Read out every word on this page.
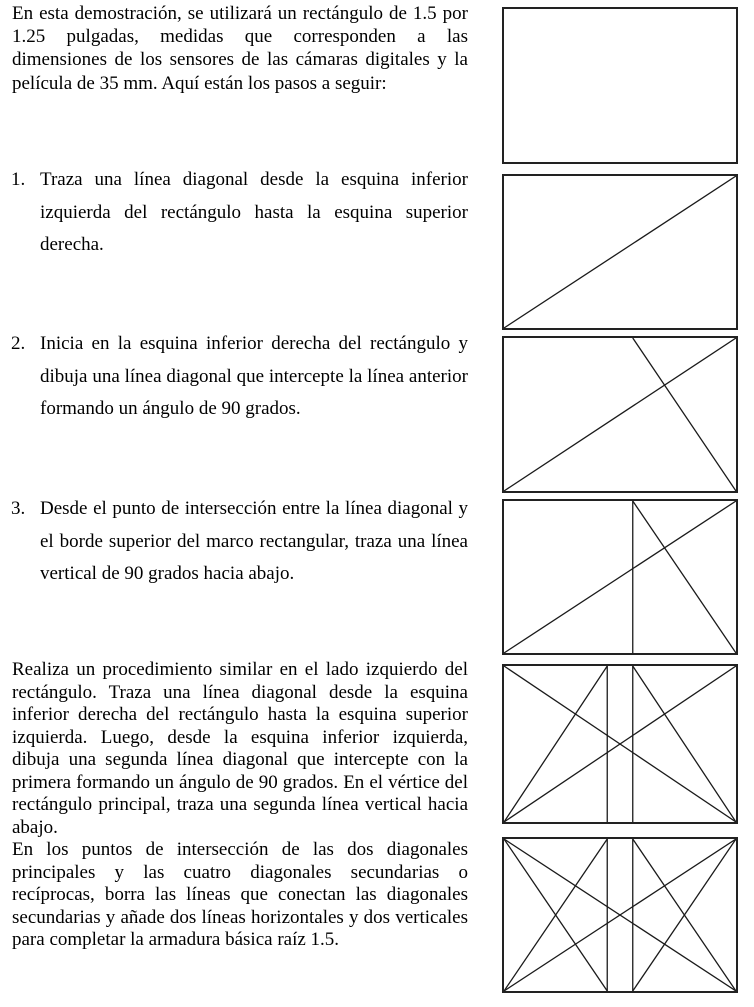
En esta demostración, se utilizará un rectángulo de 1.5 por 1.25 pulgadas, medidas que corresponden a las dimensiones de los sensores de las cámaras digitales y la película de 35 mm. Aquí están los pasos a seguir:

1. Traza una línea diagonal desde la esquina inferior izquierda del rectángulo hasta la esquina superior derecha.
2. Inicia en la esquina inferior derecha del rectángulo y dibuja una línea diagonal que intercepte la línea anterior formando un ángulo de 90 grados.
3. Desde el punto de intersección entre la línea diagonal y el borde superior del marco rectangular, traza una línea vertical de 90 grados hacia abajo.

Realiza un procedimiento similar en el lado izquierdo del rectángulo. Traza una línea diagonal desde la esquina inferior derecha del rectángulo hasta la esquina superior izquierda. Luego, desde la esquina inferior izquierda, dibuja una segunda línea diagonal que intercepte con la primera formando un ángulo de 90 grados. En el vértice del rectángulo principal, traza una segunda línea vertical hacia abajo.

En los puntos de intersección de las dos diagonales principales y las cuatro diagonales secundarias o recíprocas, borra las líneas que conectan las diagonales secundarias y añade dos líneas horizontales y dos verticales para completar la armadura básica raíz 1.5.
